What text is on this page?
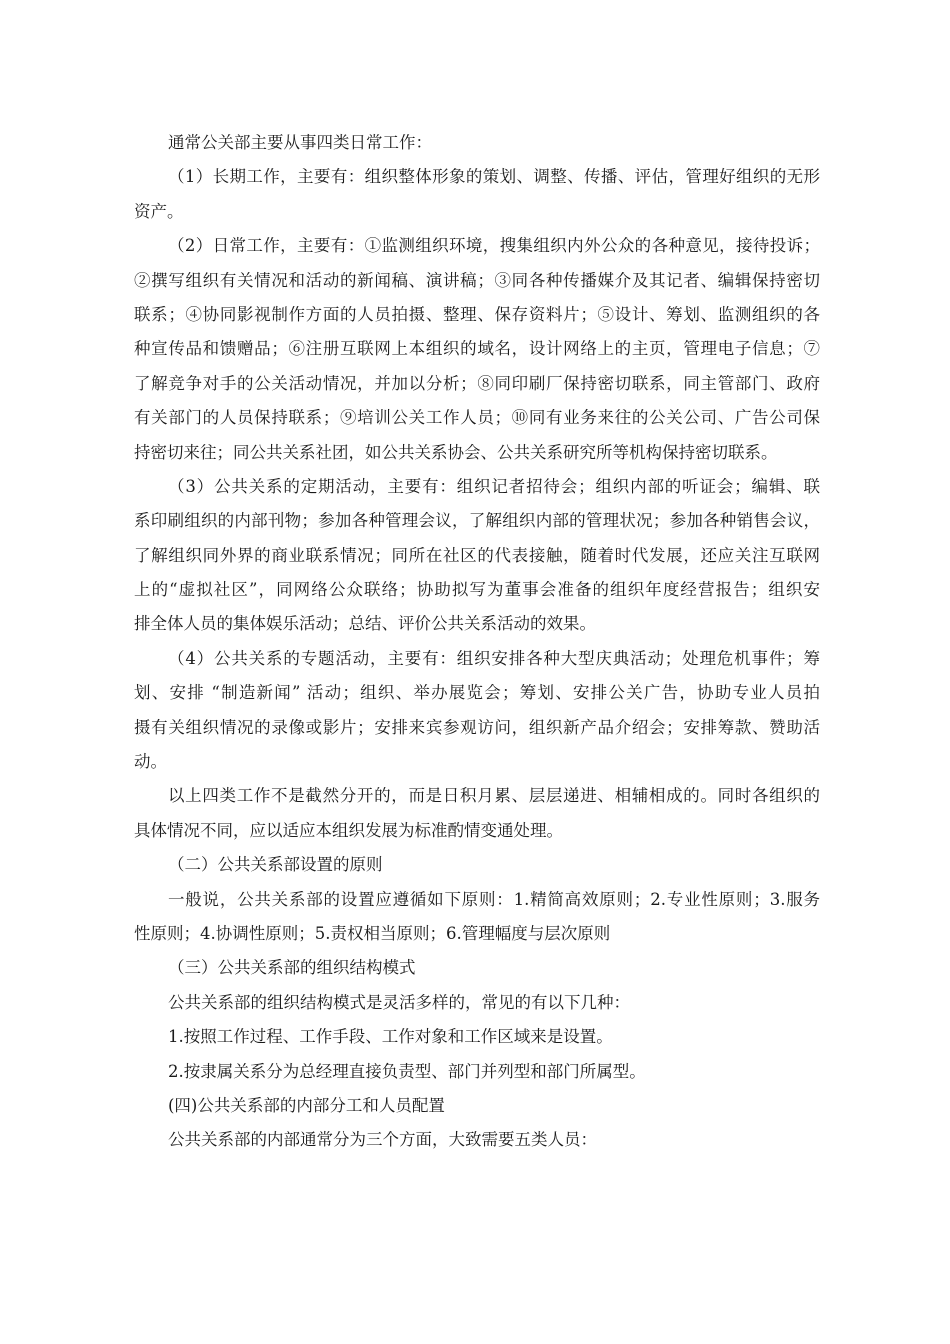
通常公关部主要从事四类日常工作：
（1）长期工作，主要有：组织整体形象的策划、调整、传播、评估，管理好组织的无形
资产。
（2）日常工作，主要有：①监测组织环境，搜集组织内外公众的各种意见，接待投诉；
②撰写组织有关情况和活动的新闻稿、演讲稿；③同各种传播媒介及其记者、编辑保持密切
联系；④协同影视制作方面的人员拍摄、整理、保存资料片；⑤设计、筹划、监测组织的各
种宣传品和馈赠品；⑥注册互联网上本组织的域名，设计网络上的主页，管理电子信息；⑦
了解竞争对手的公关活动情况，并加以分析；⑧同印刷厂保持密切联系，同主管部门、政府
有关部门的人员保持联系；⑨培训公关工作人员；⑩同有业务来往的公关公司、广告公司保
持密切来往；同公共关系社团，如公共关系协会、公共关系研究所等机构保持密切联系。
（3）公共关系的定期活动，主要有：组织记者招待会；组织内部的听证会；编辑、联
系印刷组织的内部刊物；参加各种管理会议，了解组织内部的管理状况；参加各种销售会议，
了解组织同外界的商业联系情况；同所在社区的代表接触，随着时代发展，还应关注互联网
上的“虚拟社区”，同网络公众联络；协助拟写为董事会准备的组织年度经营报告；组织安
排全体人员的集体娱乐活动；总结、评价公共关系活动的效果。
（4）公共关系的专题活动，主要有：组织安排各种大型庆典活动；处理危机事件；筹
划、安排 “制造新闻” 活动；组织、举办展览会；筹划、安排公关广告，协助专业人员拍
摄有关组织情况的录像或影片；安排来宾参观访问，组织新产品介绍会；安排筹款、赞助活
动。
以上四类工作不是截然分开的，而是日积月累、层层递进、相辅相成的。同时各组织的
具体情况不同，应以适应本组织发展为标准酌情变通处理。
（二）公共关系部设置的原则
一般说，公共关系部的设置应遵循如下原则：1.精简高效原则；2.专业性原则；3.服务
性原则；4.协调性原则；5.责权相当原则；6.管理幅度与层次原则
（三）公共关系部的组织结构模式
公共关系部的组织结构模式是灵活多样的，常见的有以下几种：
1.按照工作过程、工作手段、工作对象和工作区域来是设置。
2.按隶属关系分为总经理直接负责型、部门并列型和部门所属型。
(四)公共关系部的内部分工和人员配置
公共关系部的内部通常分为三个方面，大致需要五类人员：
